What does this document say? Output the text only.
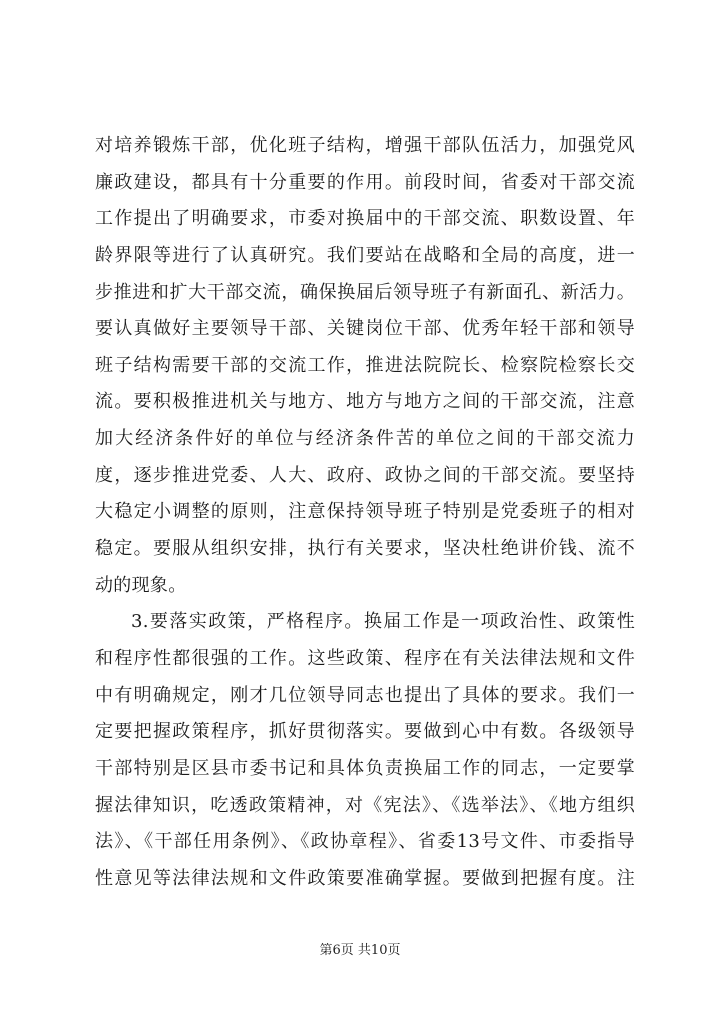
对培养锻炼干部，优化班子结构，增强干部队伍活力，加强党风
廉政建设，都具有十分重要的作用。前段时间，省委对干部交流
工作提出了明确要求，市委对换届中的干部交流、职数设置、年
龄界限等进行了认真研究。我们要站在战略和全局的高度，进一
步推进和扩大干部交流，确保换届后领导班子有新面孔、新活力。
要认真做好主要领导干部、关键岗位干部、优秀年轻干部和领导
班子结构需要干部的交流工作，推进法院院长、检察院检察长交
流。要积极推进机关与地方、地方与地方之间的干部交流，注意
加大经济条件好的单位与经济条件苦的单位之间的干部交流力
度，逐步推进党委、人大、政府、政协之间的干部交流。要坚持
大稳定小调整的原则，注意保持领导班子特别是党委班子的相对
稳定。要服从组织安排，执行有关要求，坚决杜绝讲价钱、流不
动的现象。
3.要落实政策，严格程序。换届工作是一项政治性、政策性
和程序性都很强的工作。这些政策、程序在有关法律法规和文件
中有明确规定，刚才几位领导同志也提出了具体的要求。我们一
定要把握政策程序，抓好贯彻落实。要做到心中有数。各级领导
干部特别是区县市委书记和具体负责换届工作的同志，一定要掌
握法律知识，吃透政策精神，对《宪法》、《选举法》、《地方组织
法》、《干部任用条例》、《政协章程》、省委13号文件、市委指导
性意见等法律法规和文件政策要准确掌握。要做到把握有度。注
第6页 共10页
